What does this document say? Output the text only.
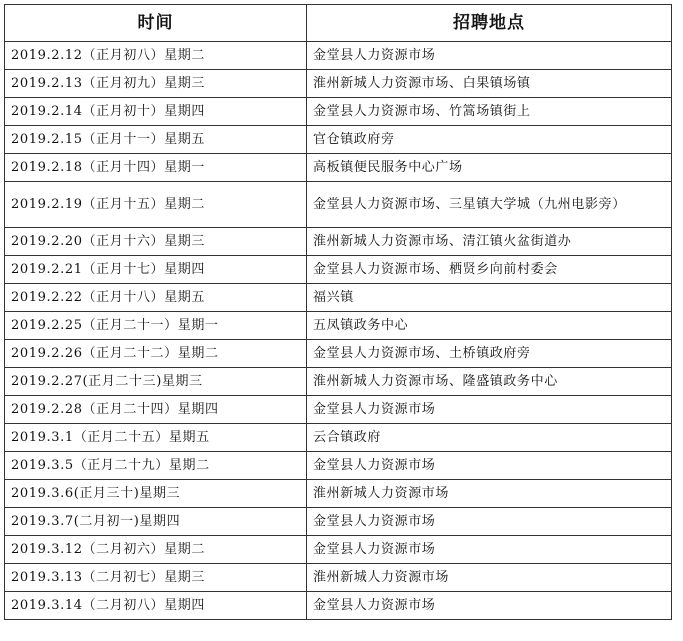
时间	招聘地点
2019.2.12（正月初八）星期二	金堂县人力资源市场
2019.2.13（正月初九）星期三	淮州新城人力资源市场、白果镇场镇
2019.2.14（正月初十）星期四	金堂县人力资源市场、竹篙场镇街上
2019.2.15（正月十一）星期五	官仓镇政府旁
2019.2.18（正月十四）星期一	高板镇便民服务中心广场
2019.2.19（正月十五）星期二	金堂县人力资源市场、三星镇大学城（九州电影旁）
2019.2.20（正月十六）星期三	淮州新城人力资源市场、清江镇火盆街道办
2019.2.21（正月十七）星期四	金堂县人力资源市场、栖贤乡向前村委会
2019.2.22（正月十八）星期五	福兴镇
2019.2.25（正月二十一）星期一	五凤镇政务中心
2019.2.26（正月二十二）星期二	金堂县人力资源市场、土桥镇政府旁
2019.2.27(正月二十三)星期三	淮州新城人力资源市场、隆盛镇政务中心
2019.2.28（正月二十四）星期四	金堂县人力资源市场
2019.3.1（正月二十五）星期五	云合镇政府
2019.3.5（正月二十九）星期二	金堂县人力资源市场
2019.3.6(正月三十)星期三	淮州新城人力资源市场
2019.3.7(二月初一)星期四	金堂县人力资源市场
2019.3.12（二月初六）星期二	金堂县人力资源市场
2019.3.13（二月初七）星期三	淮州新城人力资源市场
2019.3.14（二月初八）星期四	金堂县人力资源市场
